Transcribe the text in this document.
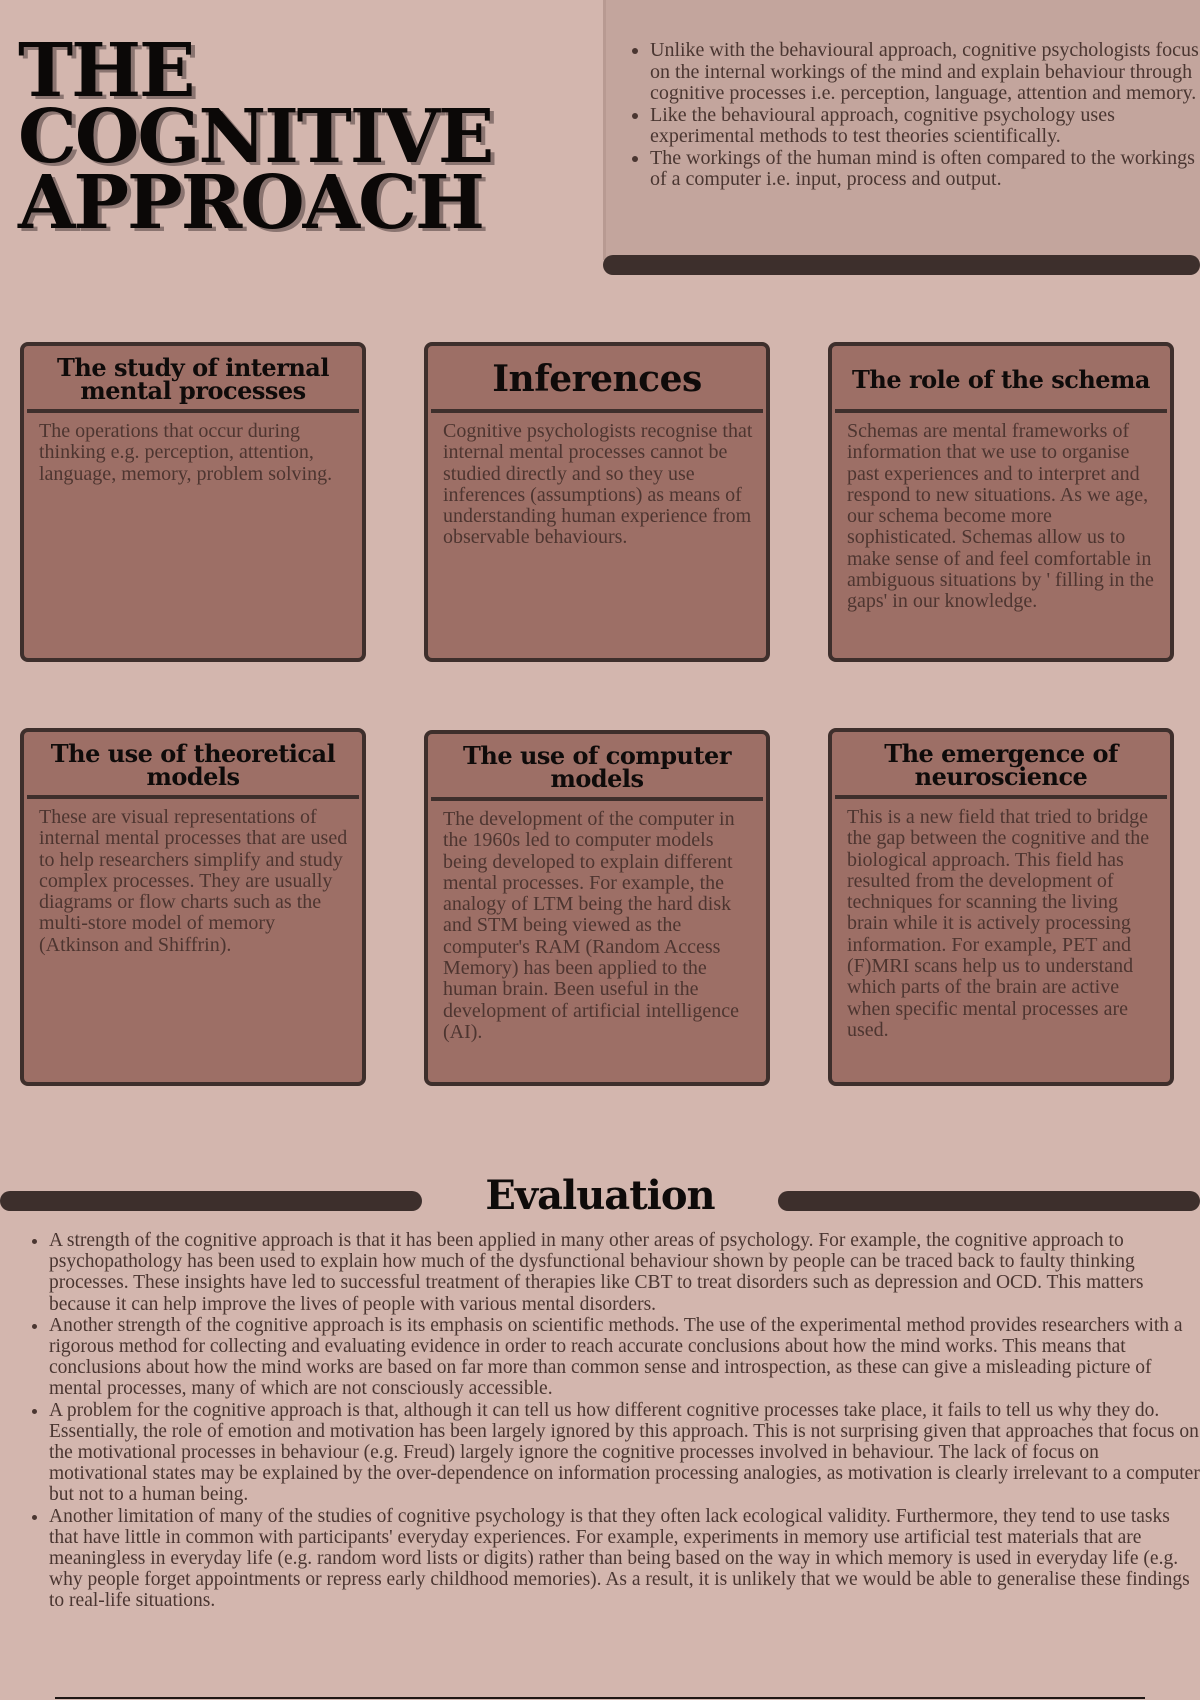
THE
COGNITIVE
APPROACH
• Unlike with the behavioural approach, cognitive psychologists focus on the internal workings of the mind and explain behaviour through cognitive processes i.e. perception, language, attention and memory.
• Like the behavioural approach, cognitive psychology uses experimental methods to test theories scientifically.
• The workings of the human mind is often compared to the workings of a computer i.e. input, process and output.
The study of internal mental processes
The operations that occur during thinking e.g. perception, attention, language, memory, problem solving.
Inferences
Cognitive psychologists recognise that internal mental processes cannot be studied directly and so they use inferences (assumptions) as means of understanding human experience from observable behaviours.
The role of the schema
Schemas are mental frameworks of information that we use to organise past experiences and to interpret and respond to new situations. As we age, our schema become more sophisticated. Schemas allow us to make sense of and feel comfortable in ambiguous situations by ' filling in the gaps' in our knowledge.
The use of theoretical models
These are visual representations of internal mental processes that are used to help researchers simplify and study complex processes. They are usually diagrams or flow charts such as the multi-store model of memory (Atkinson and Shiffrin).
The use of computer models
The development of the computer in the 1960s led to computer models being developed to explain different mental processes. For example, the analogy of LTM being the hard disk and STM being viewed as the computer's RAM (Random Access Memory) has been applied to the human brain. Been useful in the development of artificial intelligence (AI).
The emergence of neuroscience
This is a new field that tried to bridge the gap between the cognitive and the biological approach. This field has resulted from the development of techniques for scanning the living brain while it is actively processing information. For example, PET and (F)MRI scans help us to understand which parts of the brain are active when specific mental processes are used.
Evaluation
• A strength of the cognitive approach is that it has been applied in many other areas of psychology. For example, the cognitive approach to psychopathology has been used to explain how much of the dysfunctional behaviour shown by people can be traced back to faulty thinking processes. These insights have led to successful treatment of therapies like CBT to treat disorders such as depression and OCD. This matters because it can help improve the lives of people with various mental disorders.
• Another strength of the cognitive approach is its emphasis on scientific methods. The use of the experimental method provides researchers with a rigorous method for collecting and evaluating evidence in order to reach accurate conclusions about how the mind works. This means that conclusions about how the mind works are based on far more than common sense and introspection, as these can give a misleading picture of mental processes, many of which are not consciously accessible.
• A problem for the cognitive approach is that, although it can tell us how different cognitive processes take place, it fails to tell us why they do. Essentially, the role of emotion and motivation has been largely ignored by this approach. This is not surprising given that approaches that focus on the motivational processes in behaviour (e.g. Freud) largely ignore the cognitive processes involved in behaviour. The lack of focus on motivational states may be explained by the over-dependence on information processing analogies, as motivation is clearly irrelevant to a computer but not to a human being.
• Another limitation of many of the studies of cognitive psychology is that they often lack ecological validity. Furthermore, they tend to use tasks that have little in common with participants' everyday experiences. For example, experiments in memory use artificial test materials that are meaningless in everyday life (e.g. random word lists or digits) rather than being based on the way in which memory is used in everyday life (e.g. why people forget appointments or repress early childhood memories). As a result, it is unlikely that we would be able to generalise these findings to real-life situations.
